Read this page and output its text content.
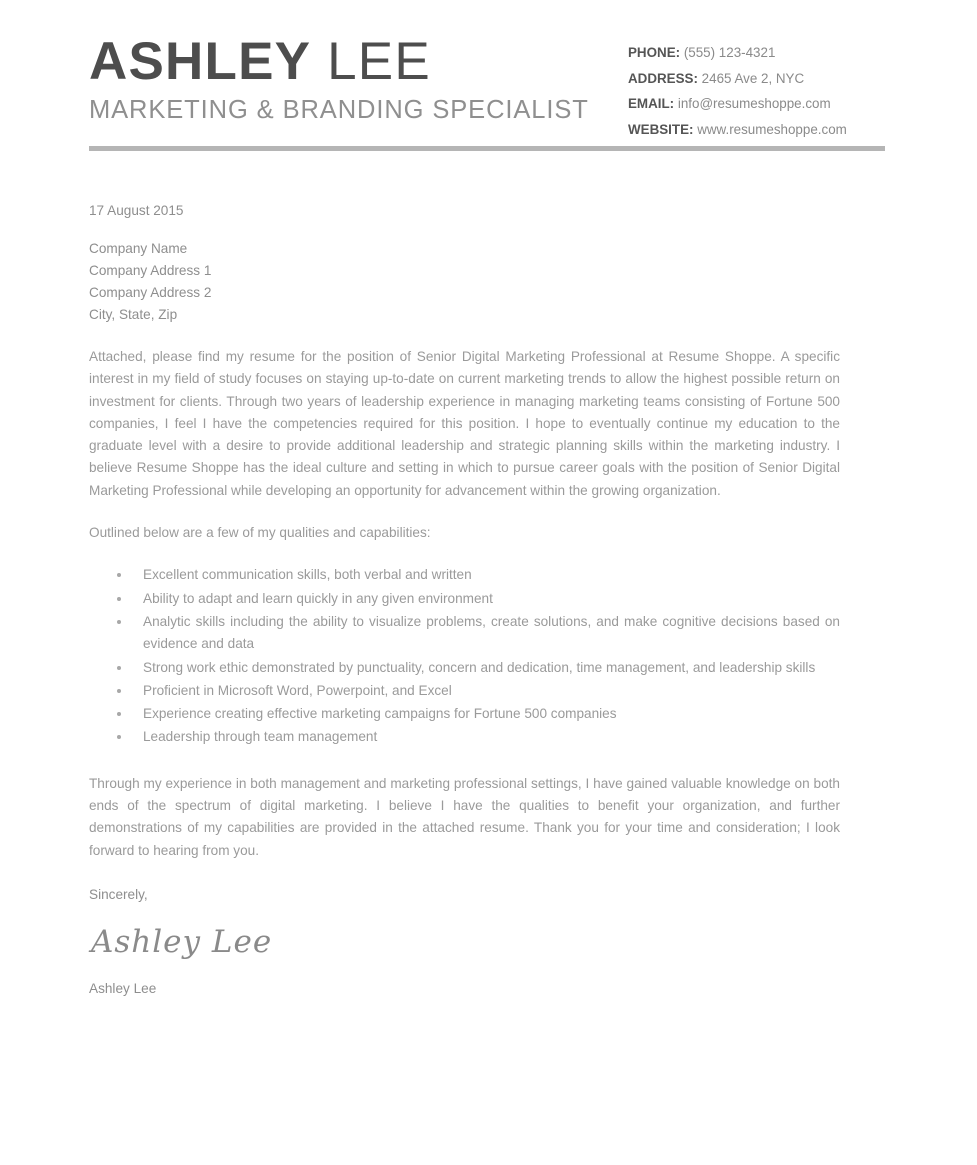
ASHLEY LEE
MARKETING & BRANDING SPECIALIST
PHONE: (555) 123-4321
ADDRESS: 2465 Ave 2, NYC
EMAIL: info@resumeshoppe.com
WEBSITE: www.resumeshoppe.com
17 August 2015
Company Name
Company Address 1
Company Address 2
City, State, Zip

Attached, please find my resume for the position of Senior Digital Marketing Professional at Resume Shoppe. A specific interest in my field of study focuses on staying up-to-date on current marketing trends to allow the highest possible return on investment for clients. Through two years of leadership experience in managing marketing teams consisting of Fortune 500 companies, I feel I have the competencies required for this position. I hope to eventually continue my education to the graduate level with a desire to provide additional leadership and strategic planning skills within the marketing industry. I believe Resume Shoppe has the ideal culture and setting in which to pursue career goals with the position of Senior Digital Marketing Professional while developing an opportunity for advancement within the growing organization.

Outlined below are a few of my qualities and capabilities:

Excellent communication skills, both verbal and written
Ability to adapt and learn quickly in any given environment
Analytic skills including the ability to visualize problems, create solutions, and make cognitive decisions based on evidence and data
Strong work ethic demonstrated by punctuality, concern and dedication, time management, and leadership skills
Proficient in Microsoft Word, Powerpoint, and Excel
Experience creating effective marketing campaigns for Fortune 500 companies
Leadership through team management

Through my experience in both management and marketing professional settings, I have gained valuable knowledge on both ends of the spectrum of digital marketing. I believe I have the qualities to benefit your organization, and further demonstrations of my capabilities are provided in the attached resume. Thank you for your time and consideration; I look forward to hearing from you.

Sincerely,
Ashley Lee
Ashley Lee
